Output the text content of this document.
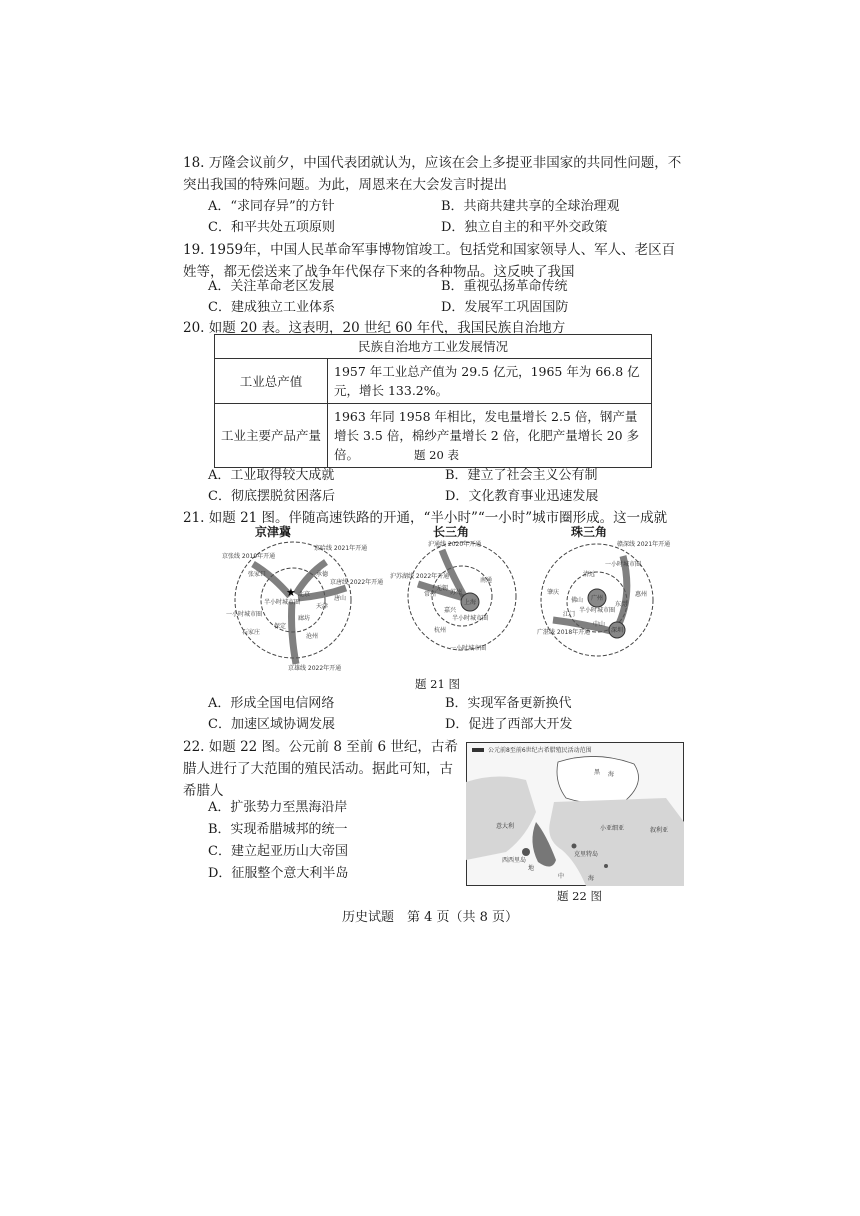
18. 万隆会议前夕，中国代表团就认为，应该在会上多提亚非国家的共同性问题，不突出我国的特殊问题。为此，周恩来在大会发言时提出

A．“求同存异”的方针	B．共商共建共享的全球治理观
C．和平共处五项原则	D．独立自主的和平外交政策

19. 1959年，中国人民革命军事博物馆竣工。包括党和国家领导人、军人、老区百姓等，都无偿送来了战争年代保存下来的各种物品。这反映了我国

A．关注革命老区发展	B．重视弘扬革命传统
C．建成独立工业体系	D．发展军工巩固国防

20. 如题 20 表。这表明，20 世纪 60 年代，我国民族自治地方

民族自治地方工业发展情况	
工业总产值	1957 年工业总产值为 29.5 亿元，1965 年为 66.8 亿元，增长 133.2%。
工业主要产品产量	1963 年同 1958 年相比，发电量增长 2.5 倍，钢产量增长 3.5 倍，棉纱产量增长 2 倍，化肥产量增长 20 多倍。	题 20 表
A．工业取得较大成就	B．建立了社会主义公有制
C．彻底摆脱贫困落后	D．文化教育事业迅速发展

21. 如题 21 图。伴随高速铁路的开通，“半小时”“一小时”城市圈形成。这一成就

京津冀
★ 北京
天津
保定
石家庄
沧州
廊坊
唐山
张家口	承德
京张线 2019年开通
京哈线 2021年开通
京雄线 2022年开通
京唐线 2022年开通
半小时城市圈
一小时城市圈
长三角
上海
苏州
无锡
常州
嘉兴
南通
杭州
沪通线 2020年开通
沪苏湖线 2022年开通
半小时城市圈
一小时城市圈
珠三角
广州
佛山
深圳
东莞
中山
江门
肇庆	惠州
清远
赣深线 2021年开通
广湛线 2018年开通
半小时城市圈
一小时城市圈
题 21 图
A．形成全国电信网络	B．实现军备更新换代
C．加速区域协调发展	D．促进了西部大开发

22. 如题 22 图。公元前 8 至前 6 世纪，古希腊人进行了大范围的殖民活动。据此可知，古希腊人

A．扩张势力至黑海沿岸
B．实现希腊城邦的统一
C．建立起亚历山大帝国
D．征服整个意大利半岛
公元前8至前6世纪古希腊殖民活动范围
黑 海
地
中	海
小亚细亚	叙利亚
西西里岛
克里特岛
意大利
题 22 图
历史试题　第 4 页（共 8 页）
